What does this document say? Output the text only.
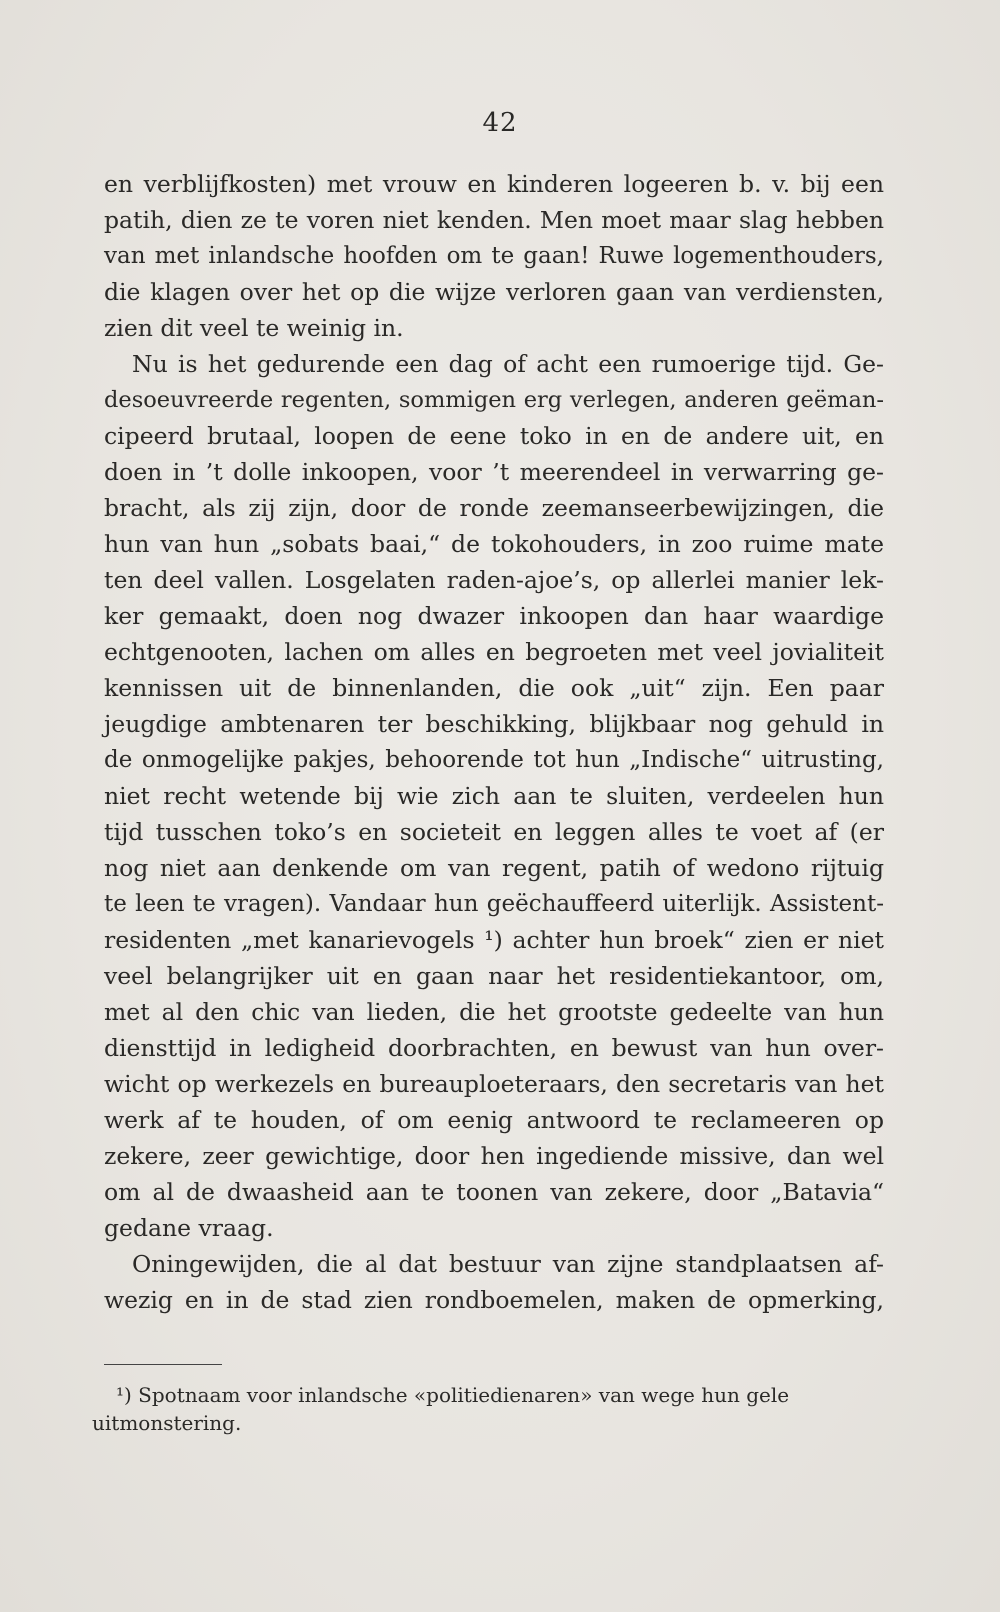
42
en verblijfkosten) met vrouw en kinderen logeeren b. v. bij een
patih, dien ze te voren niet kenden. Men moet maar slag hebben
van met inlandsche hoofden om te gaan! Ruwe logementhouders,
die klagen over het op die wijze verloren gaan van verdiensten,
zien dit veel te weinig in.
Nu is het gedurende een dag of acht een rumoerige tijd. Ge-
desoeuvreerde regenten, sommigen erg verlegen, anderen geëman-
cipeerd brutaal, loopen de eene toko in en de andere uit, en
doen in ’t dolle inkoopen, voor ’t meerendeel in verwarring ge-
bracht, als zij zijn, door de ronde zeemanseerbewijzingen, die
hun van hun „sobats baai,“ de tokohouders, in zoo ruime mate
ten deel vallen. Losgelaten raden-ajoe’s, op allerlei manier lek-
ker gemaakt, doen nog dwazer inkoopen dan haar waardige
echtgenooten, lachen om alles en begroeten met veel jovialiteit
kennissen uit de binnenlanden, die ook „uit“ zijn. Een paar
jeugdige ambtenaren ter beschikking, blijkbaar nog gehuld in
de onmogelijke pakjes, behoorende tot hun „Indische“ uitrusting,
niet recht wetende bij wie zich aan te sluiten, verdeelen hun
tijd tusschen toko’s en societeit en leggen alles te voet af (er
nog niet aan denkende om van regent, patih of wedono rijtuig
te leen te vragen). Vandaar hun geëchauffeerd uiterlijk. Assistent-
residenten „met kanarievogels ¹) achter hun broek“ zien er niet
veel belangrijker uit en gaan naar het residentiekantoor, om,
met al den chic van lieden, die het grootste gedeelte van hun
diensttijd in ledigheid doorbrachten, en bewust van hun over-
wicht op werkezels en bureauploeteraars, den secretaris van het
werk af te houden, of om eenig antwoord te reclameeren op
zekere, zeer gewichtige, door hen ingediende missive, dan wel
om al de dwaasheid aan te toonen van zekere, door „Batavia“
gedane vraag.
Oningewijden, die al dat bestuur van zijne standplaatsen af-
wezig en in de stad zien rondboemelen, maken de opmerking,
¹) Spotnaam voor inlandsche «politiedienaren» van wege hun gele
uitmonstering.
